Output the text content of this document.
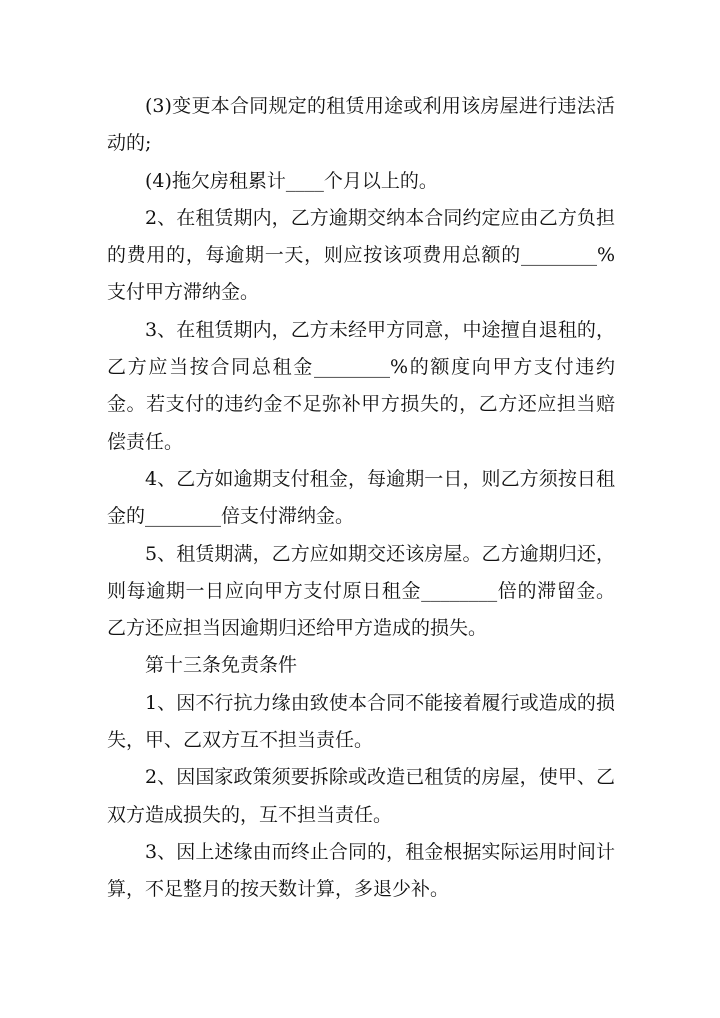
(3)变更本合同规定的租赁用途或利用该房屋进行违法活动的;

(4)拖欠房租累计____个月以上的。

2、在租赁期内，乙方逾期交纳本合同约定应由乙方负担的费用的，每逾期一天，则应按该项费用总额的________%支付甲方滞纳金。

3、在租赁期内，乙方未经甲方同意，中途擅自退租的，乙方应当按合同总租金________%的额度向甲方支付违约金。若支付的违约金不足弥补甲方损失的，乙方还应担当赔偿责任。

4、乙方如逾期支付租金，每逾期一日，则乙方须按日租金的________倍支付滞纳金。

5、租赁期满，乙方应如期交还该房屋。乙方逾期归还，则每逾期一日应向甲方支付原日租金________倍的滞留金。乙方还应担当因逾期归还给甲方造成的损失。

第十三条免责条件

1、因不行抗力缘由致使本合同不能接着履行或造成的损失，甲、乙双方互不担当责任。

2、因国家政策须要拆除或改造已租赁的房屋，使甲、乙双方造成损失的，互不担当责任。

3、因上述缘由而终止合同的，租金根据实际运用时间计算，不足整月的按天数计算，多退少补。
